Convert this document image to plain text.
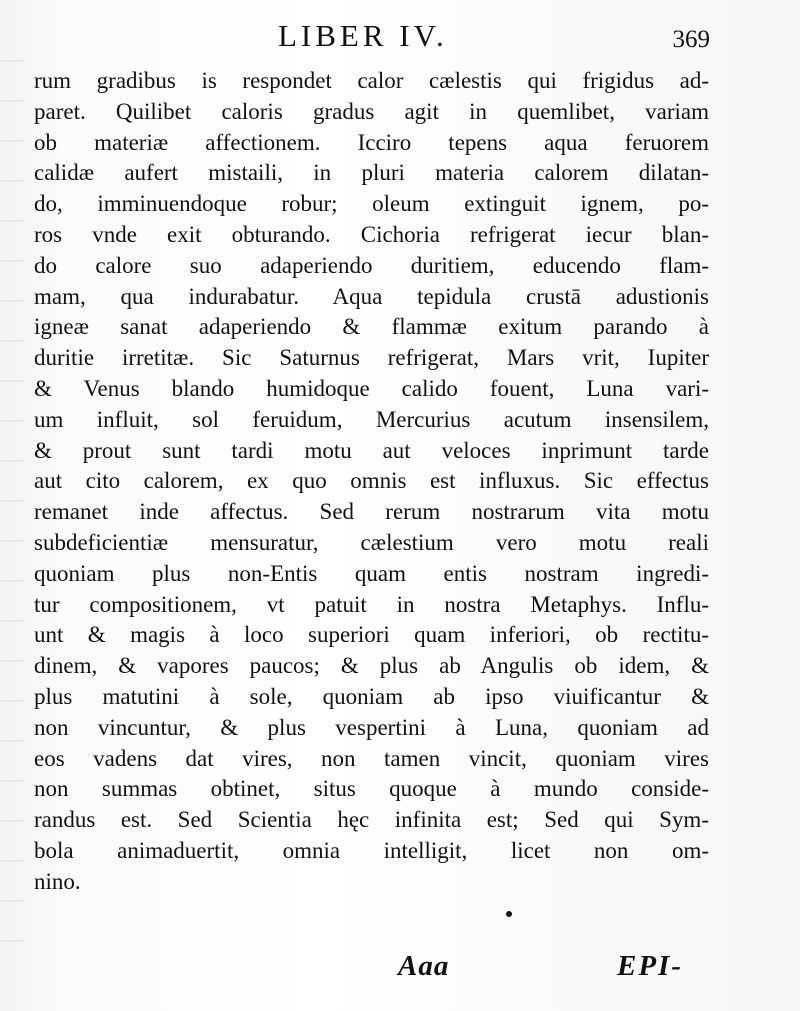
LIBER IV.	369
rum gradibus is respondet calor cælestis qui frigidus ad-
paret. Quilibet caloris gradus agit in quemlibet, variam
ob materiæ affectionem. Icciro tepens aqua feruorem
calidæ aufert mistaili, in pluri materia calorem dilatan-
do, imminuendoque robur; oleum extinguit ignem, po-
ros vnde exit obturando. Cichoria refrigerat iecur blan-
do calore suo adaperiendo duritiem, educendo flam-
mam, qua indurabatur. Aqua tepidula crustā adustionis
igneæ sanat adaperiendo & flammæ exitum parando à
duritie irretitæ. Sic Saturnus refrigerat, Mars vrit, Iupiter
& Venus blando humidoque calido fouent, Luna vari-
um influit, sol feruidum, Mercurius acutum insensilem,
& prout sunt tardi motu aut veloces inprimunt tarde
aut cito calorem, ex quo omnis est influxus. Sic effectus
remanet inde affectus. Sed rerum nostrarum vita motu
subdeficientiæ mensuratur, cælestium vero motu reali
quoniam plus non-Entis quam entis nostram ingredi-
tur compositionem, vt patuit in nostra Metaphys. Influ-
unt & magis à loco superiori quam inferiori, ob rectitu-
dinem, & vapores paucos; & plus ab Angulis ob idem, &
plus matutini à sole, quoniam ab ipso viuificantur &
non vincuntur, & plus vespertini à Luna, quoniam ad
eos vadens dat vires, non tamen vincit, quoniam vires
non summas obtinet, situs quoque à mundo conside-
randus est. Sed Scientia hęc infinita est; Sed qui Sym-
bola animaduertit, omnia intelligit, licet non om-
nino.
Aaa	EPI-
